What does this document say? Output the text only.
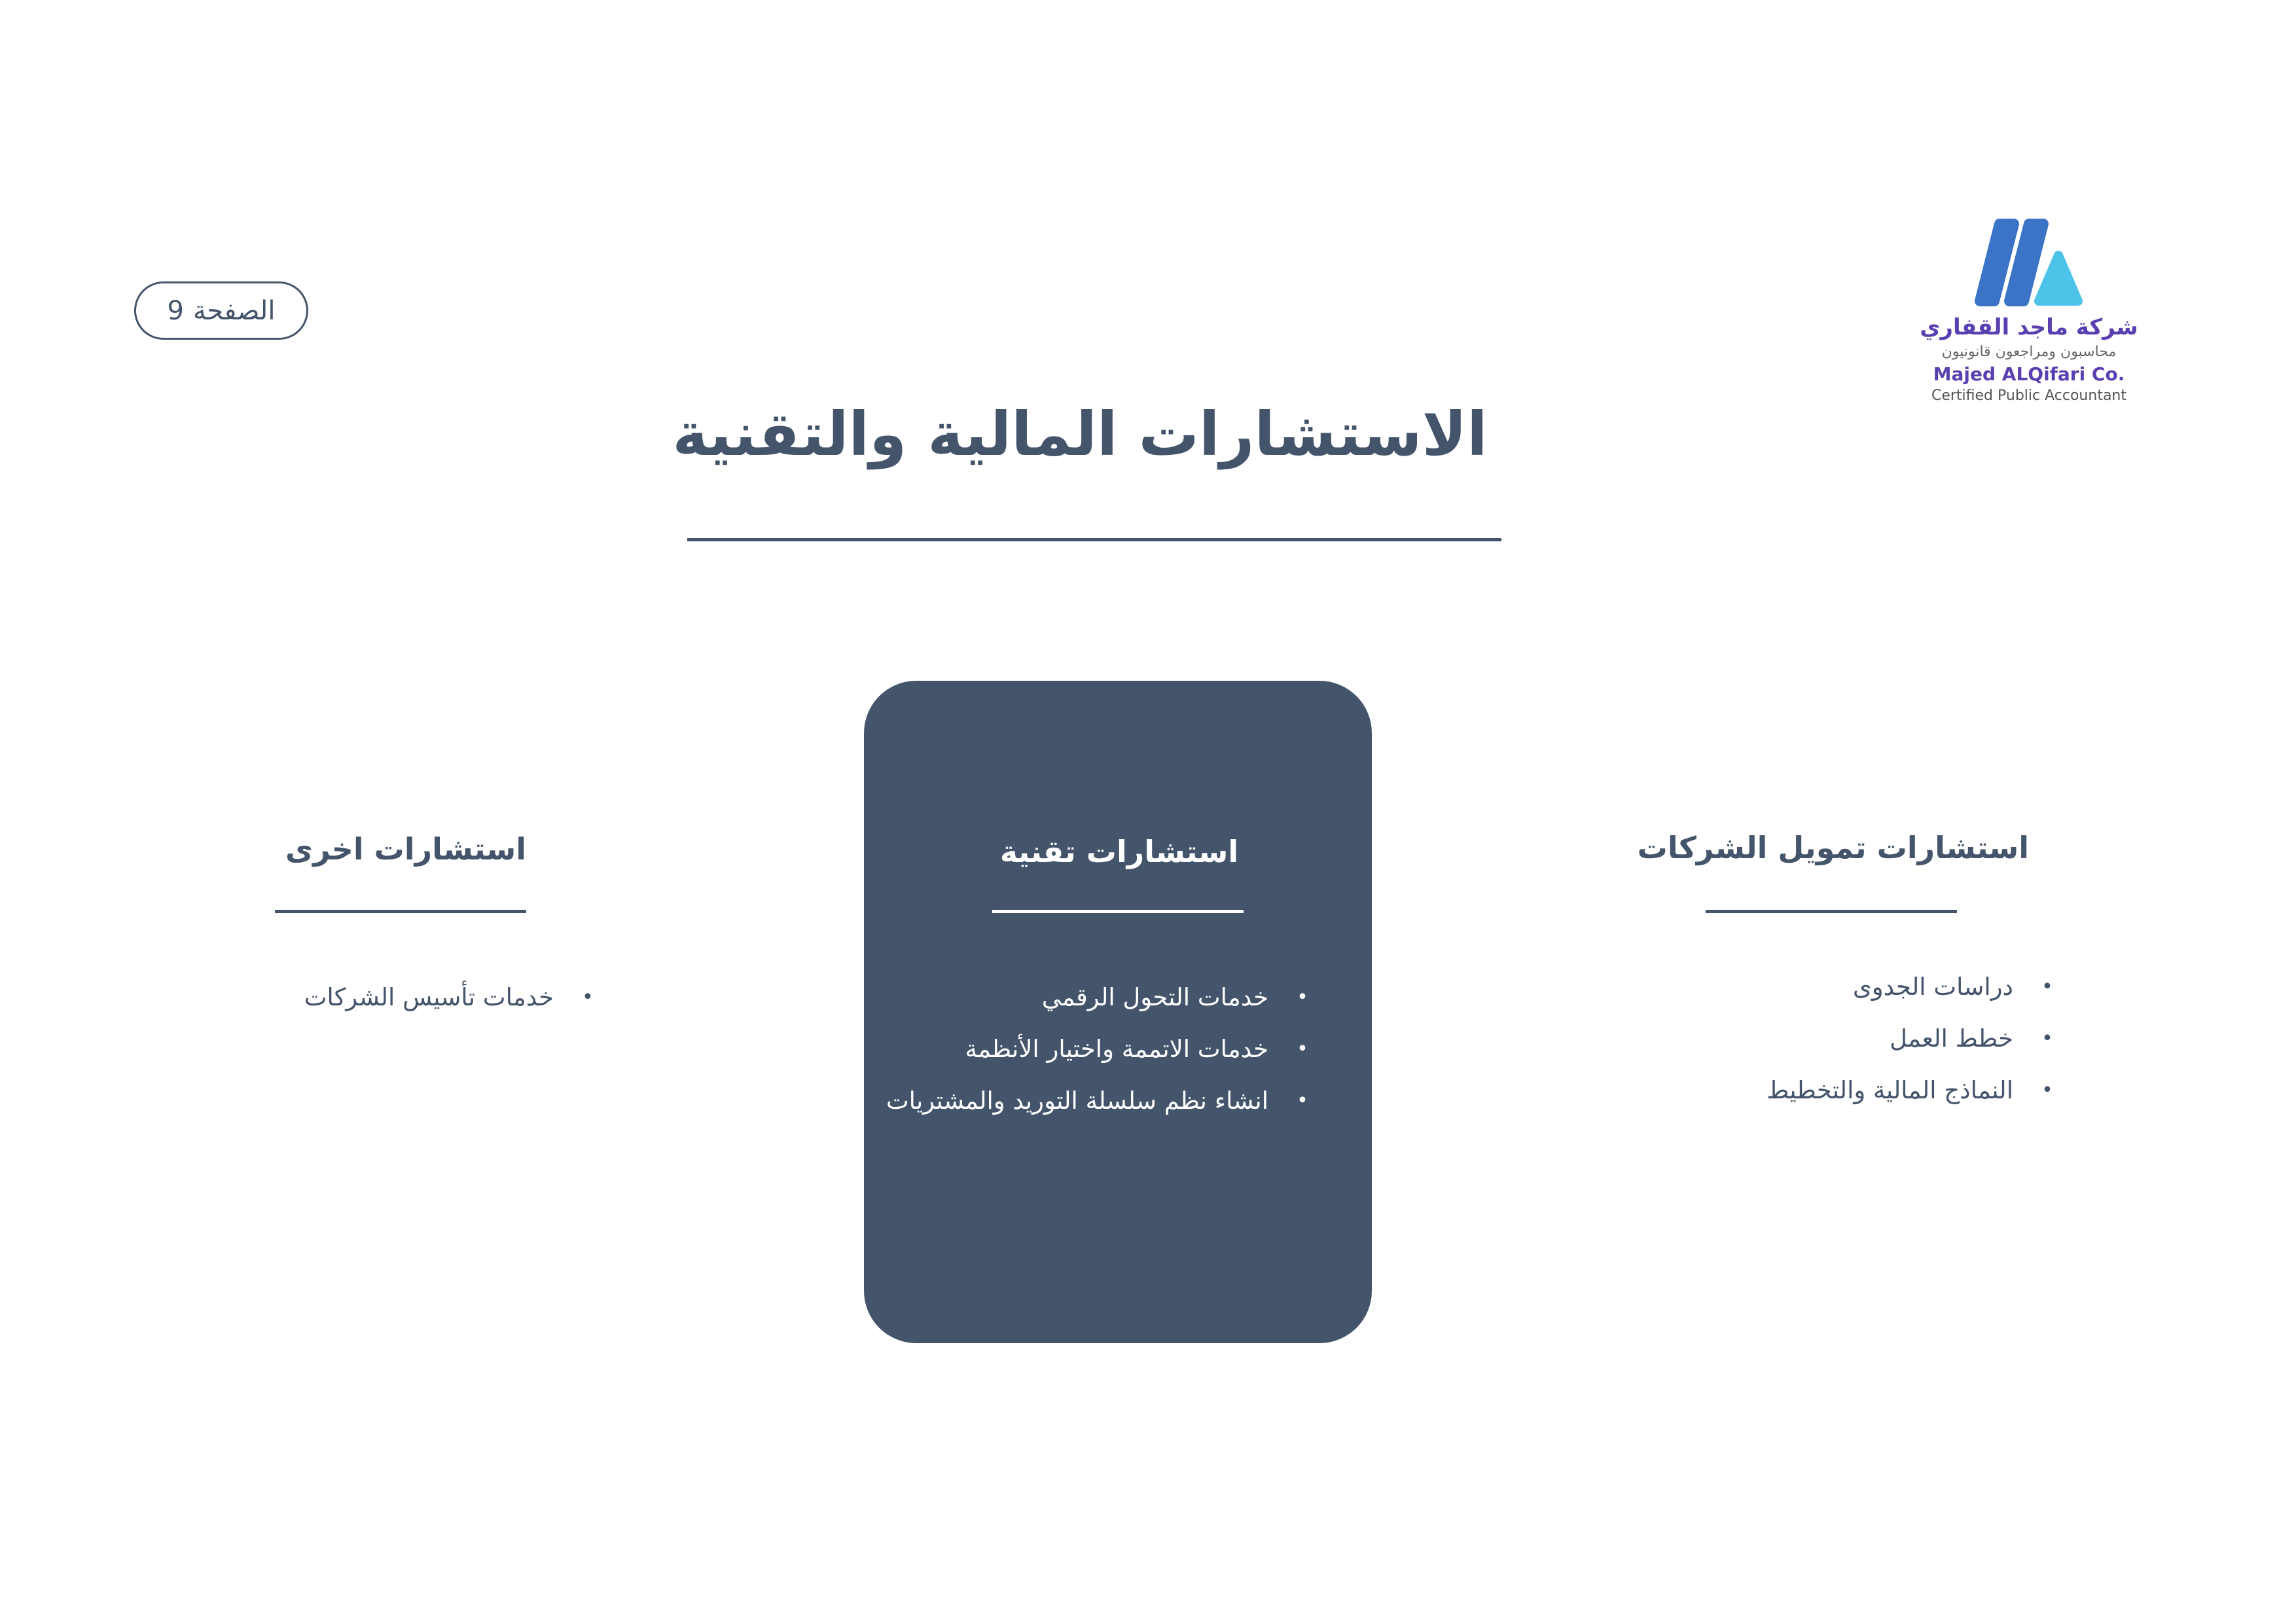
الصفحة
9
شركة ماجد القفاري
محاسبون ومراجعون قانونيون
Majed ALQifari Co.
Certified Public Accountant
الاستشارات المالية والتقنية
استشارات تمويل الشركات
•
دراسات الجدوى
•
خطط العمل
•
النماذج المالية والتخطيط
استشارات تقنية
•
خدمات التحول الرقمي
•
خدمات الاتممة واختيار الأنظمة
•
انشاء نظم سلسلة التوريد والمشتريات
استشارات اخرى
•
خدمات تأسيس الشركات
